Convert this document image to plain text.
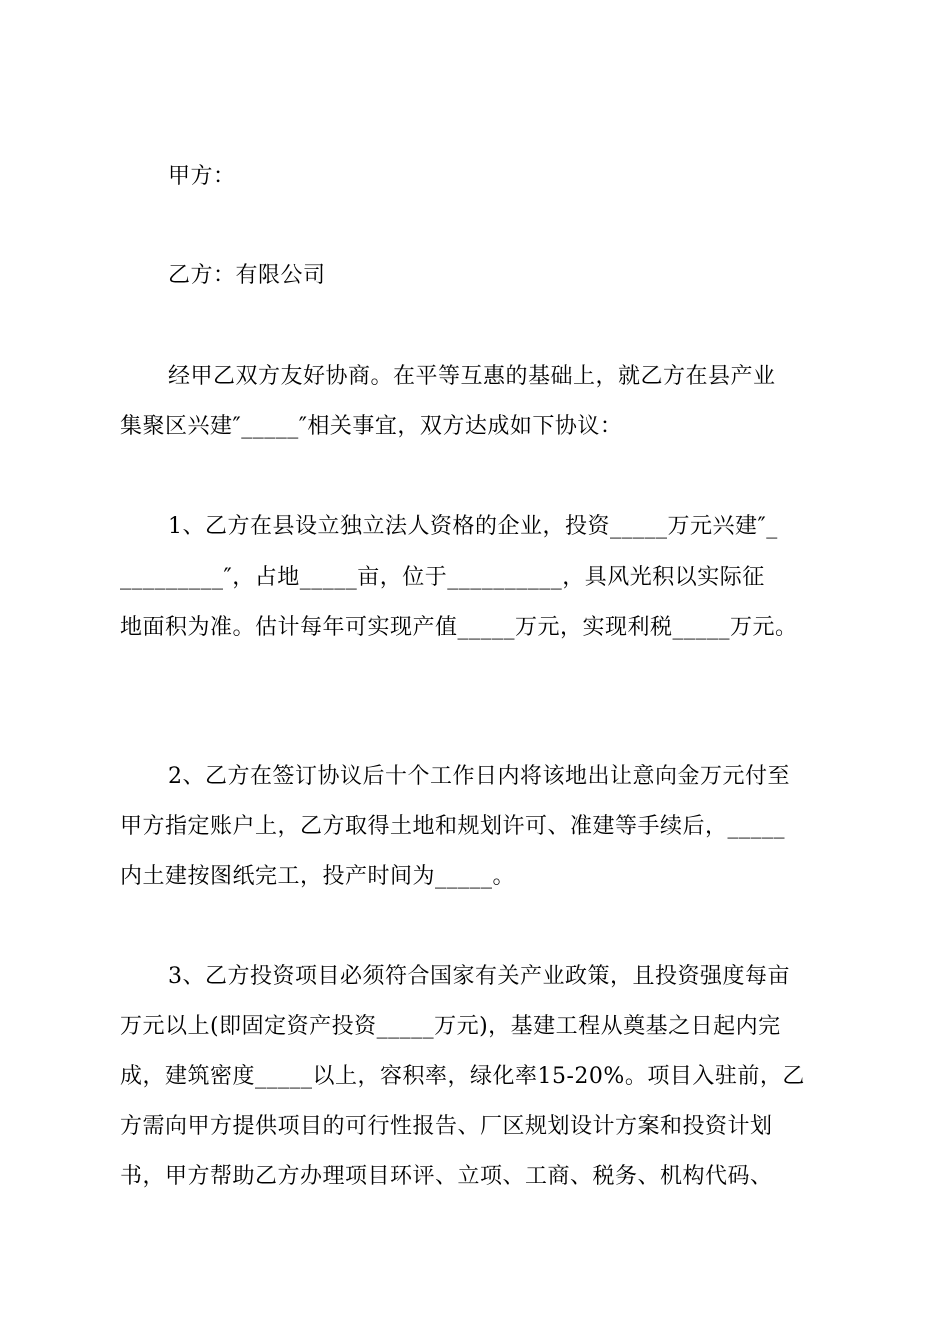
甲方：
乙方：有限公司
经甲乙双方友好协商。在平等互惠的基础上，就乙方在县产业
集聚区兴建″_____″相关事宜，双方达成如下协议：
1、乙方在县设立独立法人资格的企业，投资_____万元兴建″_
_________″，占地_____亩，位于__________，具风光积以实际征
地面积为准。估计每年可实现产值_____万元，实现利税_____万元。
2、乙方在签订协议后十个工作日内将该地出让意向金万元付至
甲方指定账户上，乙方取得土地和规划许可、准建等手续后，_____
内土建按图纸完工，投产时间为_____。
3、乙方投资项目必须符合国家有关产业政策，且投资强度每亩
万元以上(即固定资产投资_____万元)，基建工程从奠基之日起内完
成，建筑密度_____以上，容积率，绿化率15-20%。项目入驻前，乙
方需向甲方提供项目的可行性报告、厂区规划设计方案和投资计划
书，甲方帮助乙方办理项目环评、立项、工商、税务、机构代码、
